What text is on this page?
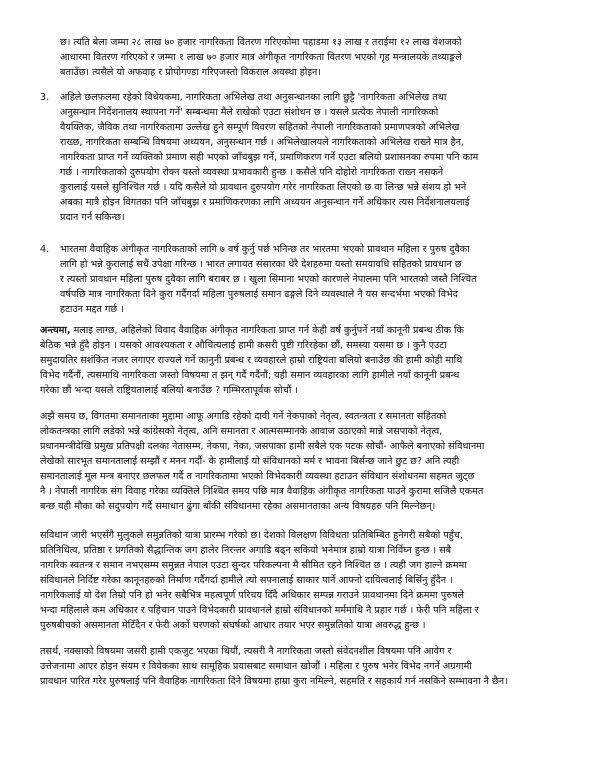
छ। त्यति बेला जम्मा २८ लाख ७० हजार नागरिकता वितरण गरिएकोमा पहाडमा १३ लाख र तराईमा १२ लाख वंशजको
आधारमा वितरण गरिएको र जम्मा १ लाख ७० हजार मात्र अंगीकृत नागरिकता वितरण भएको गृह मन्त्रालयके तथ्याङ्कले
बताउँछ। त्यसैले यो अफवाह र प्रोपोगण्डा गरिएजस्तो विकराल अवस्था होइन।
3. अहिले छलफलमा रहेको विधेयकमा, नागरिकता अभिलेख तथा अनुसन्धानका लागि छुट्टै 'नागरिकता अभिलेख तथा
अनुसन्धान निर्देशनालय स्थापना गर्ने' सम्बन्धमा मैले राखेको एउटा संशोधन छ । यसले प्रत्येक नेपाली नागरिकको
वैयक्तिक, जैविक तथा नागरिकतामा उल्लेख हुने सम्पूर्ण विवरण सहितको नेपाली नागरिकताको प्रमाणपत्रको अभिलेख
राख्छ, नागरिकता सम्बन्धि विषयमा अध्ययन, अनुसन्धान गर्छ । अभिलेखालयले नागरिकताको अभिलेख राख्ने मात्र हैन,
नागरिकता प्राप्त गर्ने व्यक्तिको प्रमाण सही भएको जाँचबुझ गर्ने, प्रमाणिकरण गर्ने एउटा बलियो प्रशासनका रुपमा पनि काम
गर्छ । नागरिकताको दुरुपयोग रोक्न यस्तो व्यवस्था प्रभावकारी हुन्छ । कसैले पनि दोहोरो नागरिकता राख्न नसकने
कुरालाई यसले सुनिश्चित गर्छ । यदि कसैले यो प्रावधान दुरुपयोग गरेर नागरिकता लिएको छ वा लिन्छ भन्ने संशय हो भने
अबका मात्रै होइन विगतका पनि जाँचबुझ र प्रमाणिकरणका लागि अध्ययन अनुसन्धान गर्ने अधिकार त्यस निर्देशनालयलाई
प्रदान गर्न सकिन्छ।
4. भारतमा वैवाहिक अंगीकृत नागरिकताको लागि ७ वर्ष कुर्नु पर्छ भनिन्छ तर भारतमा भएको प्रावधान महिला र पुरुष दुवैका
लागि हो भन्ने कुरालाई सधैं उपेक्षा गरिन्छ । भारत लगायत संसारका धेरै देशहरुमा यस्तो समयावधि सहितको प्रावधान छ
र त्यस्तो प्रावधान महिला पुरुष दुवैका लागि बराबर छ । खुला सिमाना भएको कारणले नेपालमा पनि भारतको जस्तै निश्चित
वर्षपछि मात्र नागरिकता दिने कुरा गर्दैगर्दा महिला पुरुषलाई समान ढङ्गले दिने व्यवस्थाले नै यस सन्दर्भमा भएको विभेद
हटाउन मद्दत गर्छ ।
अन्त्यमा, मलाइ लाग्छ, अहिलेको विवाद वैवाहिक अंगीकृत नागरिकता प्राप्त गर्न केही वर्ष कुर्नुपर्ने नयाँ कानूनी प्रबन्ध ठीक कि
बेठिक भन्ने हुँदै होइन । यसको आवश्यकता र औचित्यलाई हामी कसरी पुष्टी गरिरहेका छौं, समस्या यसमा छ । कुनै एउटा
समुदायतिर सशंकित नजर लगाएर राज्यले गर्ने कानुनी प्रबन्ध र व्यवहारले हाम्रो राष्ट्रियता बलियो बनाउँछ की हामी कोही माथि
विभेद गर्दैनौं, त्यसमाथि नागरिकता जस्तो विषयमा त झन् गर्दै गर्दैनौं; यही समान व्यवहारका लागि हामीले नयाँ कानूनी प्रबन्ध
गरेका छौं भन्दा यसले राष्ट्रियतालाई बलियो बनाउँछ ? गम्भिरतापूर्वक सोचौं ।
अझै समय छ, विगतमा समानताका मुद्दामा आफू अगाडि रहेको दावी गर्ने नेकपाको नेतृत्व, स्वतन्त्रता र समानता सहितको
लोकतन्त्रका लागि लडेको भन्ने कांग्रेसको नेतृत्व, अनि समानता र आत्मसम्मानके आवाज उठाएको मान्ने जसपाको नेतृत्व,
प्रधानमन्त्रीदेखि प्रमुख प्रतिपक्षी दलका नेतासम्म, नेकपा, नेका, जसपाका हामी सबैले एक पटक सोचौं- आफैले बनाएको संविधानमा
लेखेको सारभूत समानतालाई सम्झौं र मनन गर्दौं- के हामीलाई यो संविधानको मर्म र भावना बिर्सन्छ जाने छुट छ? अनि त्यही
समानतालाई मूल मन्त्र बनाएर छलफल गर्दै त नागरिकतामा भएको विभेदकारी व्यवस्था हटाउन संविधान संशोधनमा सहमत जुट्छ
नै । नेपाली नागरिक संग विवाह गरेका व्यक्तिले निश्चित समय पछि मात्र वैवाहिक अंगीकृत नागरिकता पाउने कुरामा सजिलै एकमत
बन्छ यही मौका को सदुपयोग गर्दै समाधान ढुंगा बाँकी संविधानमा रहेका असमानताका अन्य विषयहरु पनि मिल्नेछन्।
सविधान जारी भएसँगै मुलुकले समुन्नतिको यात्रा प्रारम्भ गरेको छ। देशको विलक्षण विविधता प्रतिबिम्बित हुनेगरी सबैको पहुँच,
प्रतिनिधित्व, प्रतिष्ठा र प्रगतिको सैद्धान्तिक जग हालेर निरन्तर अगाडि बढ्न सकियो भनेमात्र हाम्रो यात्रा निर्विघ्न हुन्छ । सबै
नागरिक स्वतन्त्र र समान नभएसम्म समुन्नत नेपाल एउटा सुन्दर परिकल्पना मै सीमित रहने निश्चित छ । त्यही जग हाल्ने क्रममा
संविधानले निर्दिष्ट गरेका कानूनहरुको निर्माण गर्दैगर्दा हामीले त्यो सपनालाई साकार पार्ने आफ्नो दायित्वलाई बिर्सिनु हुँदैन ।
नागरिकलाई यो देश तिम्रो पनि हो भनेर सबैभित्र महत्वपूर्ण परिचय दिँदै अधिकार सम्पन्न गराउने प्रावधानमा दिने क्रममा पुरुषले
भन्दा महिलाले कम अधिकार र पहिचान पाउने विभेदकारी प्रावधानले हाम्रो संविधानको मर्ममाथि नै प्रहार गर्छ । फेरी पनि महिला र
पुरुषबीचको असमानता मेटिँदैन र फेरी अर्को चरणको संघर्षको आधार तयार भएर समुन्नतिको यात्रा अवरुद्ध हुन्छ ।
तसर्थ, नक्साको विषयमा जसरी हामी एकजुट भएका थियौं, त्यसरी नै नागरिकता जस्तो संवेदनशील विषयमा पनि आवेग र
उत्तेजनामा आएर होइन संयम र विवेकका साथ सामूहिक प्रयासबाट समाधान खोजौं । महिला र पुरुष भनेर विभेद नगर्ने अग्रगामी
प्रावधान पारित गरेर पुरुषलाई पनि वैवाहिक नागरिकता दिने विषयमा हाम्रा कुरा नमिल्ने, सहमति र सहकार्य गर्न नसकिने सम्भावना नै छैन।
